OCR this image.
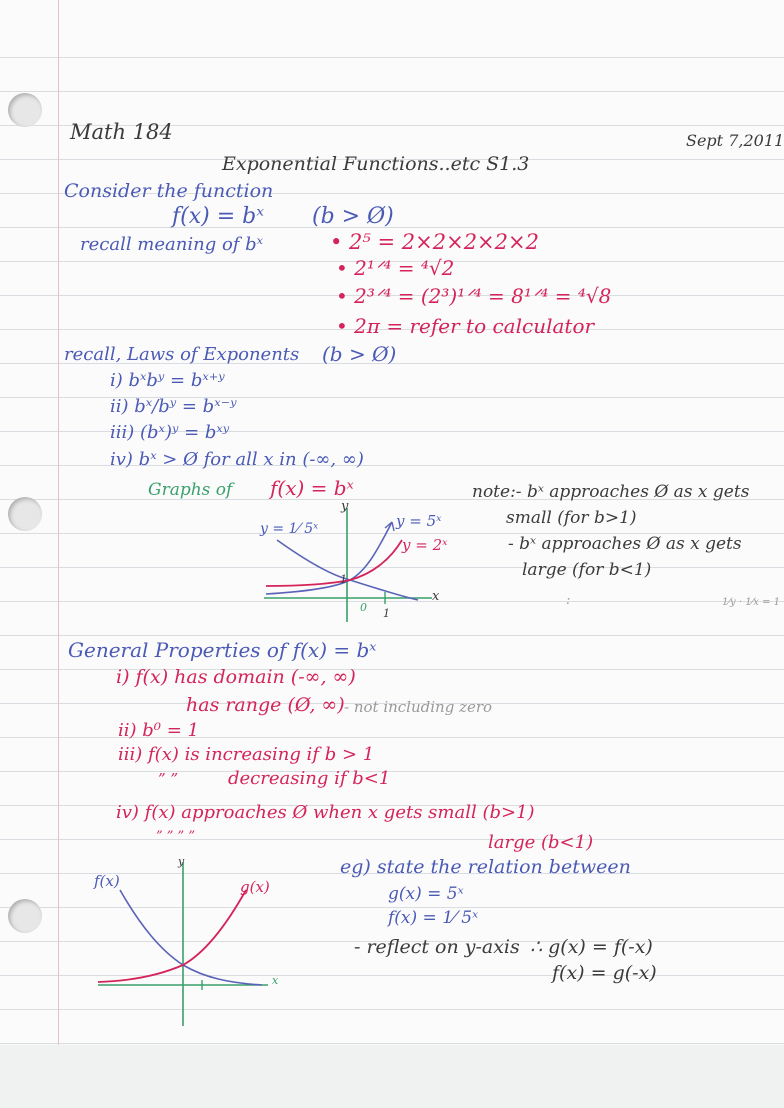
Math 184	Sept 7,2011
Exponential Functions..etc S1.3
Consider the function
f(x) = bˣ (b > Ø)
recall meaning of bˣ	• 2⁵ = 2×2×2×2×2
• 2¹ᐟ⁴ = ⁴√2
• 2³ᐟ⁴ = (2³)¹ᐟ⁴ = 8¹ᐟ⁴ = ⁴√8
• 2ᴨ = refer to calculator
recall, Laws of Exponents (b > Ø)
i) bˣbʸ = bˣ⁺ʸ
ii) bˣ/bʸ = bˣ⁻ʸ
iii) (bˣ)ʸ = bˣʸ
iv) bˣ > Ø for all x in (-∞, ∞)
Graphs of f(x) = bˣ
y
x
y = 1⁄ 5ˣ	y = 5ˣ
y = 2ˣ
0 1
1
note:- bˣ approaches Ø as x gets
small (for b>1)
- bˣ approaches Ø as x gets
large (for b<1)
:	1⁄y · 1⁄x = 1
General Properties of f(x) = bˣ
i) f(x) has domain (-∞, ∞)
has range (Ø, ∞) - not including zero
ii) b⁰ = 1
iii) f(x) is increasing if b > 1
” ”	decreasing if b<1
iv) f(x) approaches Ø when x gets small (b>1)
” ” ” ”	large (b<1)
f(x)	g(x)
y
x
eg) state the relation between
g(x) = 5ˣ
f(x) = 1⁄ 5ˣ
- reflect on y-axis ∴ g(x) = f(-x)
f(x) = g(-x)
